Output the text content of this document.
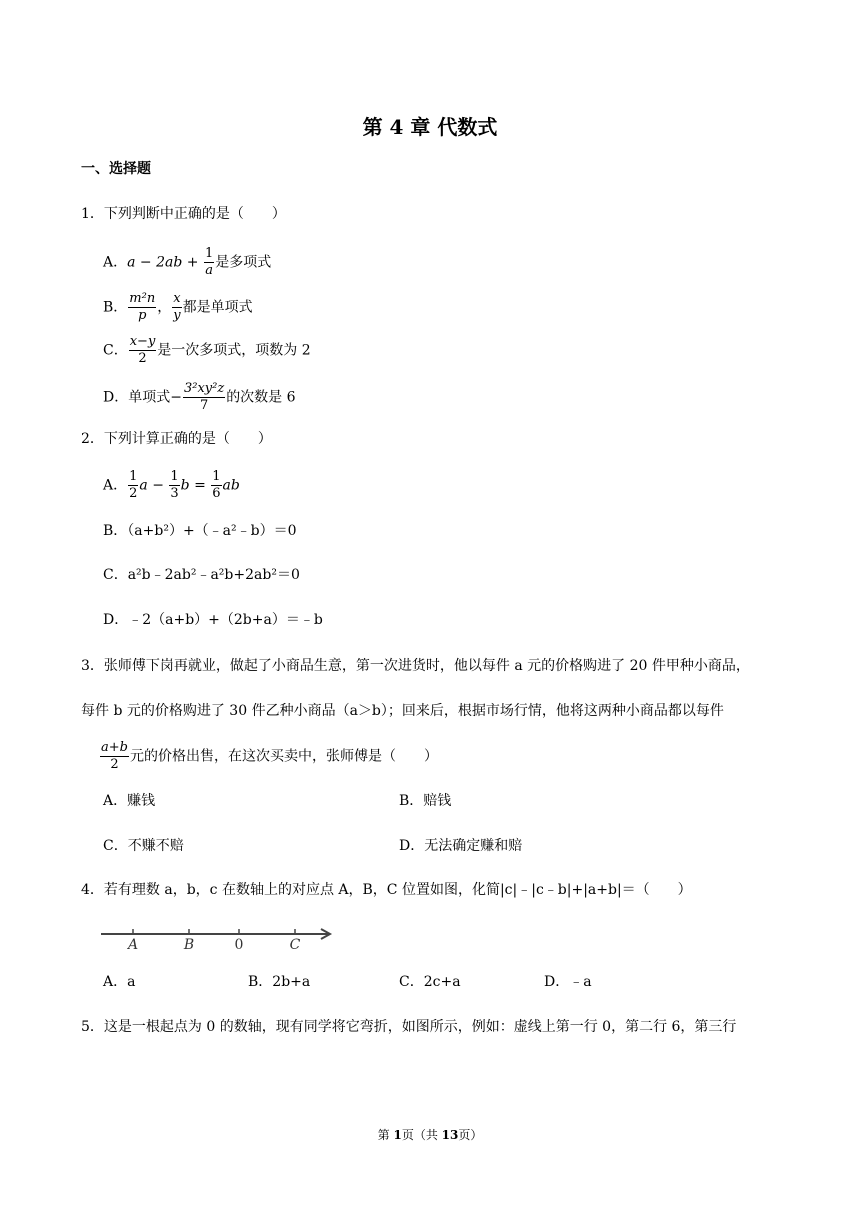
第 4 章 代数式
一、选择题
1．下列判断中正确的是（　　）
A．$a - 2ab + \frac{1}{a}$ 是多项式
B． $\frac{\text{m²n}}{p}$ ， $\frac{x}{y}$ 都是单项式
C． $\frac{x-y}{2}$ 是一次多项式，项数为 2
D．单项式− $\frac{\text{3²xy²z}}{7}$ 的次数是 6
2．下列计算正确的是（　　）
A． $\frac{1}{2}$ $a - \frac{1}{3}$ $b = \frac{1}{6}$ ab
B．（a+b²）+（﹣a²﹣b）＝0
C．a²b﹣2ab²﹣a²b+2ab²＝0
D．﹣2（a+b）+（2b+a）＝﹣b
3．张师傅下岗再就业，做起了小商品生意，第一次进货时，他以每件 a 元的价格购进了 20 件甲种小商品，
每件 b 元的价格购进了 30 件乙种小商品（a＞b）；回来后，根据市场行情，他将这两种小商品都以每件
$\frac{a+b}{2}$ 元的价格出售，在这次买卖中，张师傅是（　　）
A．赚钱	B．赔钱
C．不赚不赔	D．无法确定赚和赔
4．若有理数 a，b，c 在数轴上的对应点 A，B，C 位置如图，化简|c|﹣|c﹣b|+|a+b|＝（　　）
A	B	0	C
A．a	B．2b+a	C．2c+a	D．﹣a
5．这是一根起点为 0 的数轴，现有同学将它弯折，如图所示，例如：虚线上第一行 0，第二行 6，第三行
第 1页（共 13页）
